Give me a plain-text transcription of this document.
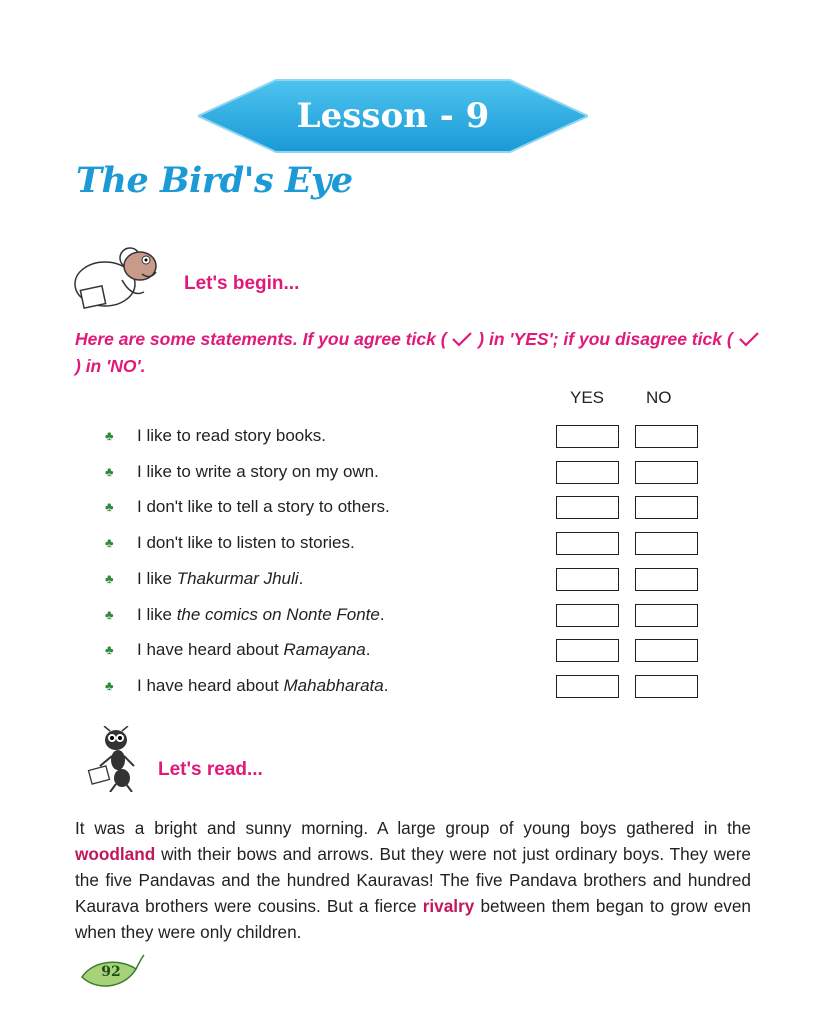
Lesson - 9
The Bird's Eye
Let's begin...
Here are some statements. If you agree tick ( ) in 'YES'; if you disagree tick (  ) in 'NO'.
YES NO
♣	I like to read story books.
♣	I like to write a story on my own.
♣	I don't like to tell a story to others.
♣	I don't like to listen to stories.
♣	I like Thakurmar Jhuli.
♣	I like the comics on Nonte Fonte.
♣	I have heard about Ramayana.
♣	I have heard about Mahabharata.
Let's read...
It was a bright and sunny morning. A large group of young boys gathered in the woodland with their bows and arrows. But they were not just ordinary boys. They were the five Pandavas and the hundred Kauravas! The five Pandava brothers and hundred Kaurava brothers were cousins. But a fierce rivalry between them began to grow even when they were only children.
92
